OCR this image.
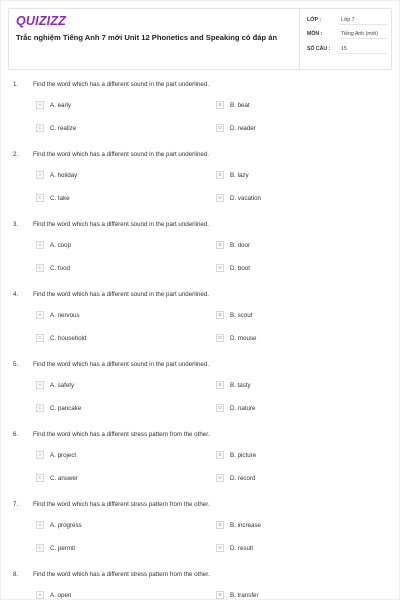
QUIZIZZ
Trắc nghiệm Tiếng Anh 7 mới Unit 12 Phonetics and Speaking có đáp án
LỚP :	Lớp 7
MÔN :	Tiếng Anh (mới)
SỐ CÂU : 15
1. Find the word which has a different sound in the part underlined.
A	A. early	B	B. beat
C	C. realize	D	D. reader
2. Find the word which has a different sound in the part underlined.
A	A. holiday	B	B. lazy
C	C. take	D	D. vacation
3. Find the word which has a different sound in the part underlined.
A	A. coop	B	B. door
C	C. food	D	D. boot
4. Find the word which has a different sound in the part underlined.
A	A. nervous	B	B. scout
C	C. household	D	D. mouse
5. Find the word which has a different sound in the part underlined.
A	A. safety	B	B. tasty
C	C. pancake	D	D. nature
6. Find the word which has a different stress pattern from the other.
A	A. project	B	B. picture
C	C. answer	D	D. record
7. Find the word which has a different stress pattern from the other.
A	A. progress	B	B. increase
C	C. permit	D	D. result
8. Find the word which has a different stress pattern from the other.
A	A. open	B	B. transfer
